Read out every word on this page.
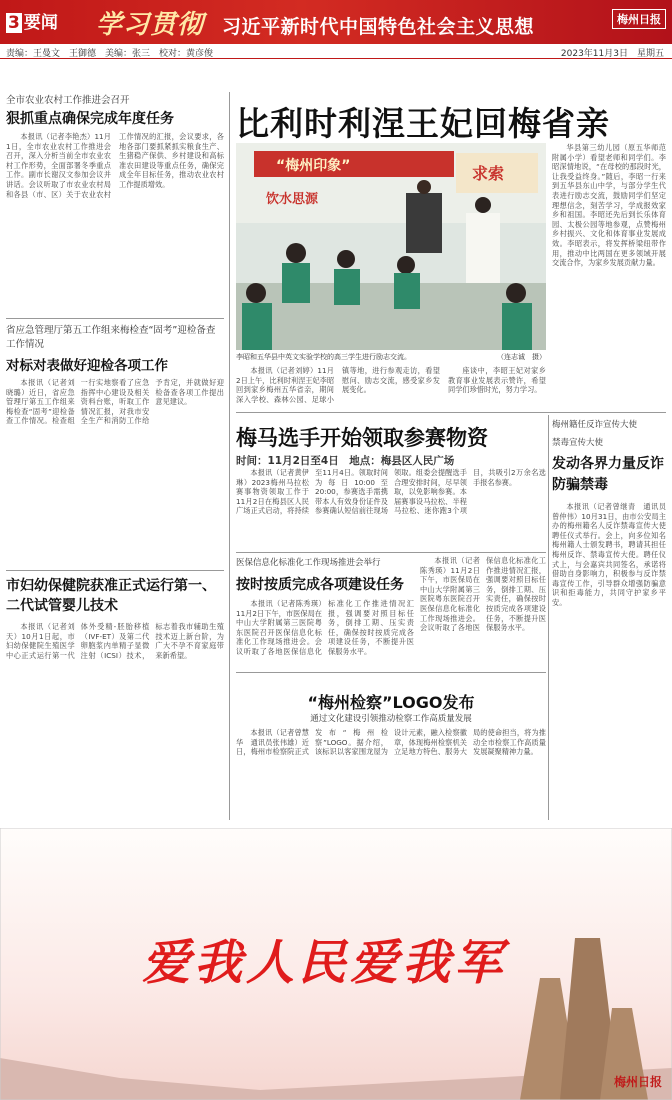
3 要闻 学习贯彻 习近平新时代中国特色社会主义思想	梅州日报
责编：王曼文　王御德　美编：张三　校对：黄彦俊	2023年11月3日　星期五
全市农业农村工作推进会召开
狠抓重点确保完成年度任务

本报讯（记者李艳杰）11月1日，全市农业农村工作推进会召开，深入分析当前全市农业农村工作形势，全面部署冬季重点工作。副市长谢汉文参加会议并讲话。会议听取了市农业农村局和各县（市、区）关于农业农村工作情况的汇报，会议要求，各地各部门要抓紧抓实粮食生产、生猪稳产保供、乡村建设和高标准农田建设等重点任务，确保完成全年目标任务，推动农业农村工作提质增效。

省应急管理厅第五工作组来梅检查“固考”迎检备查工作情况
对标对表做好迎检各项工作

本报讯（记者刘晓璐）近日，省应急管理厅第五工作组来梅检查“固考”迎检备查工作情况。检查组一行实地察看了应急指挥中心建设及相关资料台账，听取工作情况汇报，对我市安全生产和消防工作给予肯定，并就做好迎检备查各项工作提出意见建议。

市妇幼保健院获准正式运行第一、二代试管婴儿技术

本报讯（记者刘天）10月1日起，市妇幼保健院生殖医学中心正式运行第一代体外受精-胚胎移植（IVF-ET）及第二代卵胞浆内单精子显微注射（ICSI）技术，标志着我市辅助生殖技术迈上新台阶，为广大不孕不育家庭带来新希望。

比利时利涅王妃回梅省亲
“梅州印象”	求索
饮水思源
李昭和五华县中英文实验学校的高三学生进行励志交流。	（连志诚　摄）

本报讯（记者刘婷）11月2日上午，比利时利涅王妃李昭回到家乡梅州五华省亲，期间深入学校、森林公园、足球小镇等地，进行参观走访，看望慰问、励志交流，感受家乡发展变化。

座谈中，李昭王妃对家乡教育事业发展表示赞许，希望同学们珍惜时光，努力学习。

华县第三幼儿园（原五华师范附属小学）看望老师和同学们。李昭深情地说，“在母校的那段时光，让我受益终身。”随后，李昭一行来到五华县东山中学，与部分学生代表进行励志交流，鼓励同学们坚定理想信念，刻苦学习，学成报效家乡和祖国。李昭还先后到长乐体育园、太极公园等地参观，点赞梅州乡村振兴、文化和体育事业发展成效。李昭表示，将发挥桥梁纽带作用，推动中比两国在更多领域开展交流合作，为家乡发展贡献力量。

梅马选手开始领取参赛物资
时间：11月2日至4日　地点：梅县区人民广场

本报讯（记者黄伊琳）2023梅州马拉松赛事物资领取工作于11月2日在梅县区人民广场正式启动，将持续至11月4日。领取时间为每日10:00至20:00，参赛选手需携带本人有效身份证件及参赛确认短信前往现场领取。组委会提醒选手合理安排时间，尽早领取，以免影响参赛。本届赛事设马拉松、半程马拉松、迷你跑3个项目，共吸引2万余名选手报名参赛。

梅州籍任反诈宣传大使
禁毒宣传大使
发动各界力量反诈防骗禁毒

本报讯（记者曾继青　通讯员曾仲伟）10月31日，由市公安局主办的梅州籍名人反诈禁毒宣传大使聘任仪式举行。会上，向多位知名梅州籍人士颁发聘书，聘请其担任梅州反诈、禁毒宣传大使。聘任仪式上，与会嘉宾共同签名，承诺将借助自身影响力，积极参与反诈禁毒宣传工作，引导群众增强防骗意识和拒毒能力，共同守护家乡平安。

医保信息化标准化工作现场推进会举行
按时按质完成各项建设任务

本报讯（记者陈秀瑛）11月2日下午，市医保局在中山大学附属第三医院粤东医院召开医保信息化标准化工作现场推进会。会议听取了各地医保信息化标准化工作推进情况汇报，强调要对照目标任务，倒排工期、压实责任，确保按时按质完成各项建设任务，不断提升医保服务水平。

本报讯（记者陈秀瑛）11月2日下午，市医保局在中山大学附属第三医院粤东医院召开医保信息化标准化工作现场推进会。会议听取了各地医保信息化标准化工作推进情况汇报，强调要对照目标任务，倒排工期、压实责任，确保按时按质完成各项建设任务，不断提升医保服务水平。

“梅州检察”LOGO发布
通过文化建设引领推动检察工作高质量发展

本报讯（记者曾慧华　通讯员张伟雄）近日，梅州市检察院正式发布“梅州检察”LOGO。据介绍，该标识以客家围龙屋为设计元素，融入检察徽章，体现梅州检察机关立足地方特色、服务大局的使命担当，将为推动全市检察工作高质量发展凝聚精神力量。

爱我人民爱我军
梅州日报
